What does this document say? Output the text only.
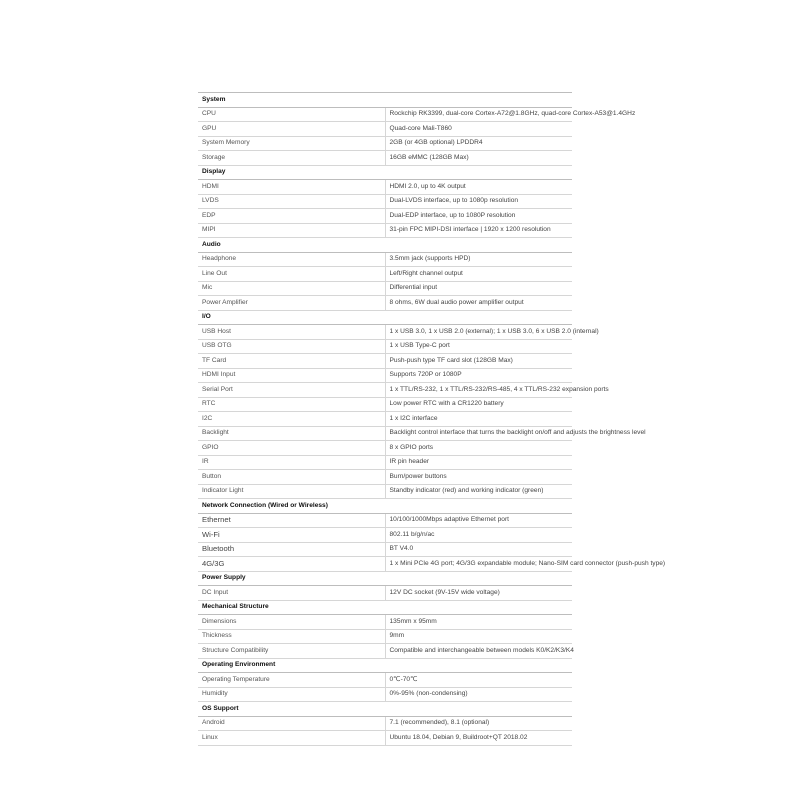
System	
CPU	Rockchip RK3399, dual-core Cortex-A72@1.8GHz, quad-core Cortex-A53@1.4GHz
GPU	Quad-core Mali-T860
System Memory	2GB (or 4GB optional) LPDDR4
Storage	16GB eMMC (128GB Max)
Display	
HDMI	HDMI 2.0, up to 4K output
LVDS	Dual-LVDS interface, up to 1080p resolution
EDP	Dual-EDP interface, up to 1080P resolution
MIPI	31-pin FPC MIPI-DSI interface | 1920 x 1200 resolution
Audio	
Headphone	3.5mm jack (supports HPD)
Line Out	Left/Right channel output
Mic	Differential input
Power Amplifier	8 ohms, 6W dual audio power amplifier output
I/O	
USB Host	1 x USB 3.0, 1 x USB 2.0 (external); 1 x USB 3.0, 6 x USB 2.0 (internal)
USB OTG	1 x USB Type-C port
TF Card	Push-push type TF card slot (128GB Max)
HDMI Input	Supports 720P or 1080P
Serial Port	1 x TTL/RS-232, 1 x TTL/RS-232/RS-485, 4 x TTL/RS-232 expansion ports
RTC	Low power RTC with a CR1220 battery
I2C	1 x I2C interface
Backlight	Backlight control interface that turns the backlight on/off and adjusts the brightness level
GPIO	8 x GPIO ports
IR	IR pin header
Button	Burn/power buttons
Indicator Light	Standby indicator (red) and working indicator (green)
Network Connection (Wired or Wireless)	
Ethernet	10/100/1000Mbps adaptive Ethernet port
Wi-Fi	802.11 b/g/n/ac
Bluetooth	BT V4.0
4G/3G	1 x Mini PCIe 4G port; 4G/3G expandable module; Nano-SIM card connector (push-push type)
Power Supply	
DC Input	12V DC socket (9V-15V wide voltage)
Mechanical Structure	
Dimensions	135mm x 95mm
Thickness	9mm
Structure Compatibility	Compatible and interchangeable between models K0/K2/K3/K4
Operating Environment	
Operating Temperature	0℃-70℃
Humidity	0%-95% (non-condensing)
OS Support	
Android	7.1 (recommended), 8.1 (optional)
Linux	Ubuntu 18.04, Debian 9, Buildroot+QT 2018.02
